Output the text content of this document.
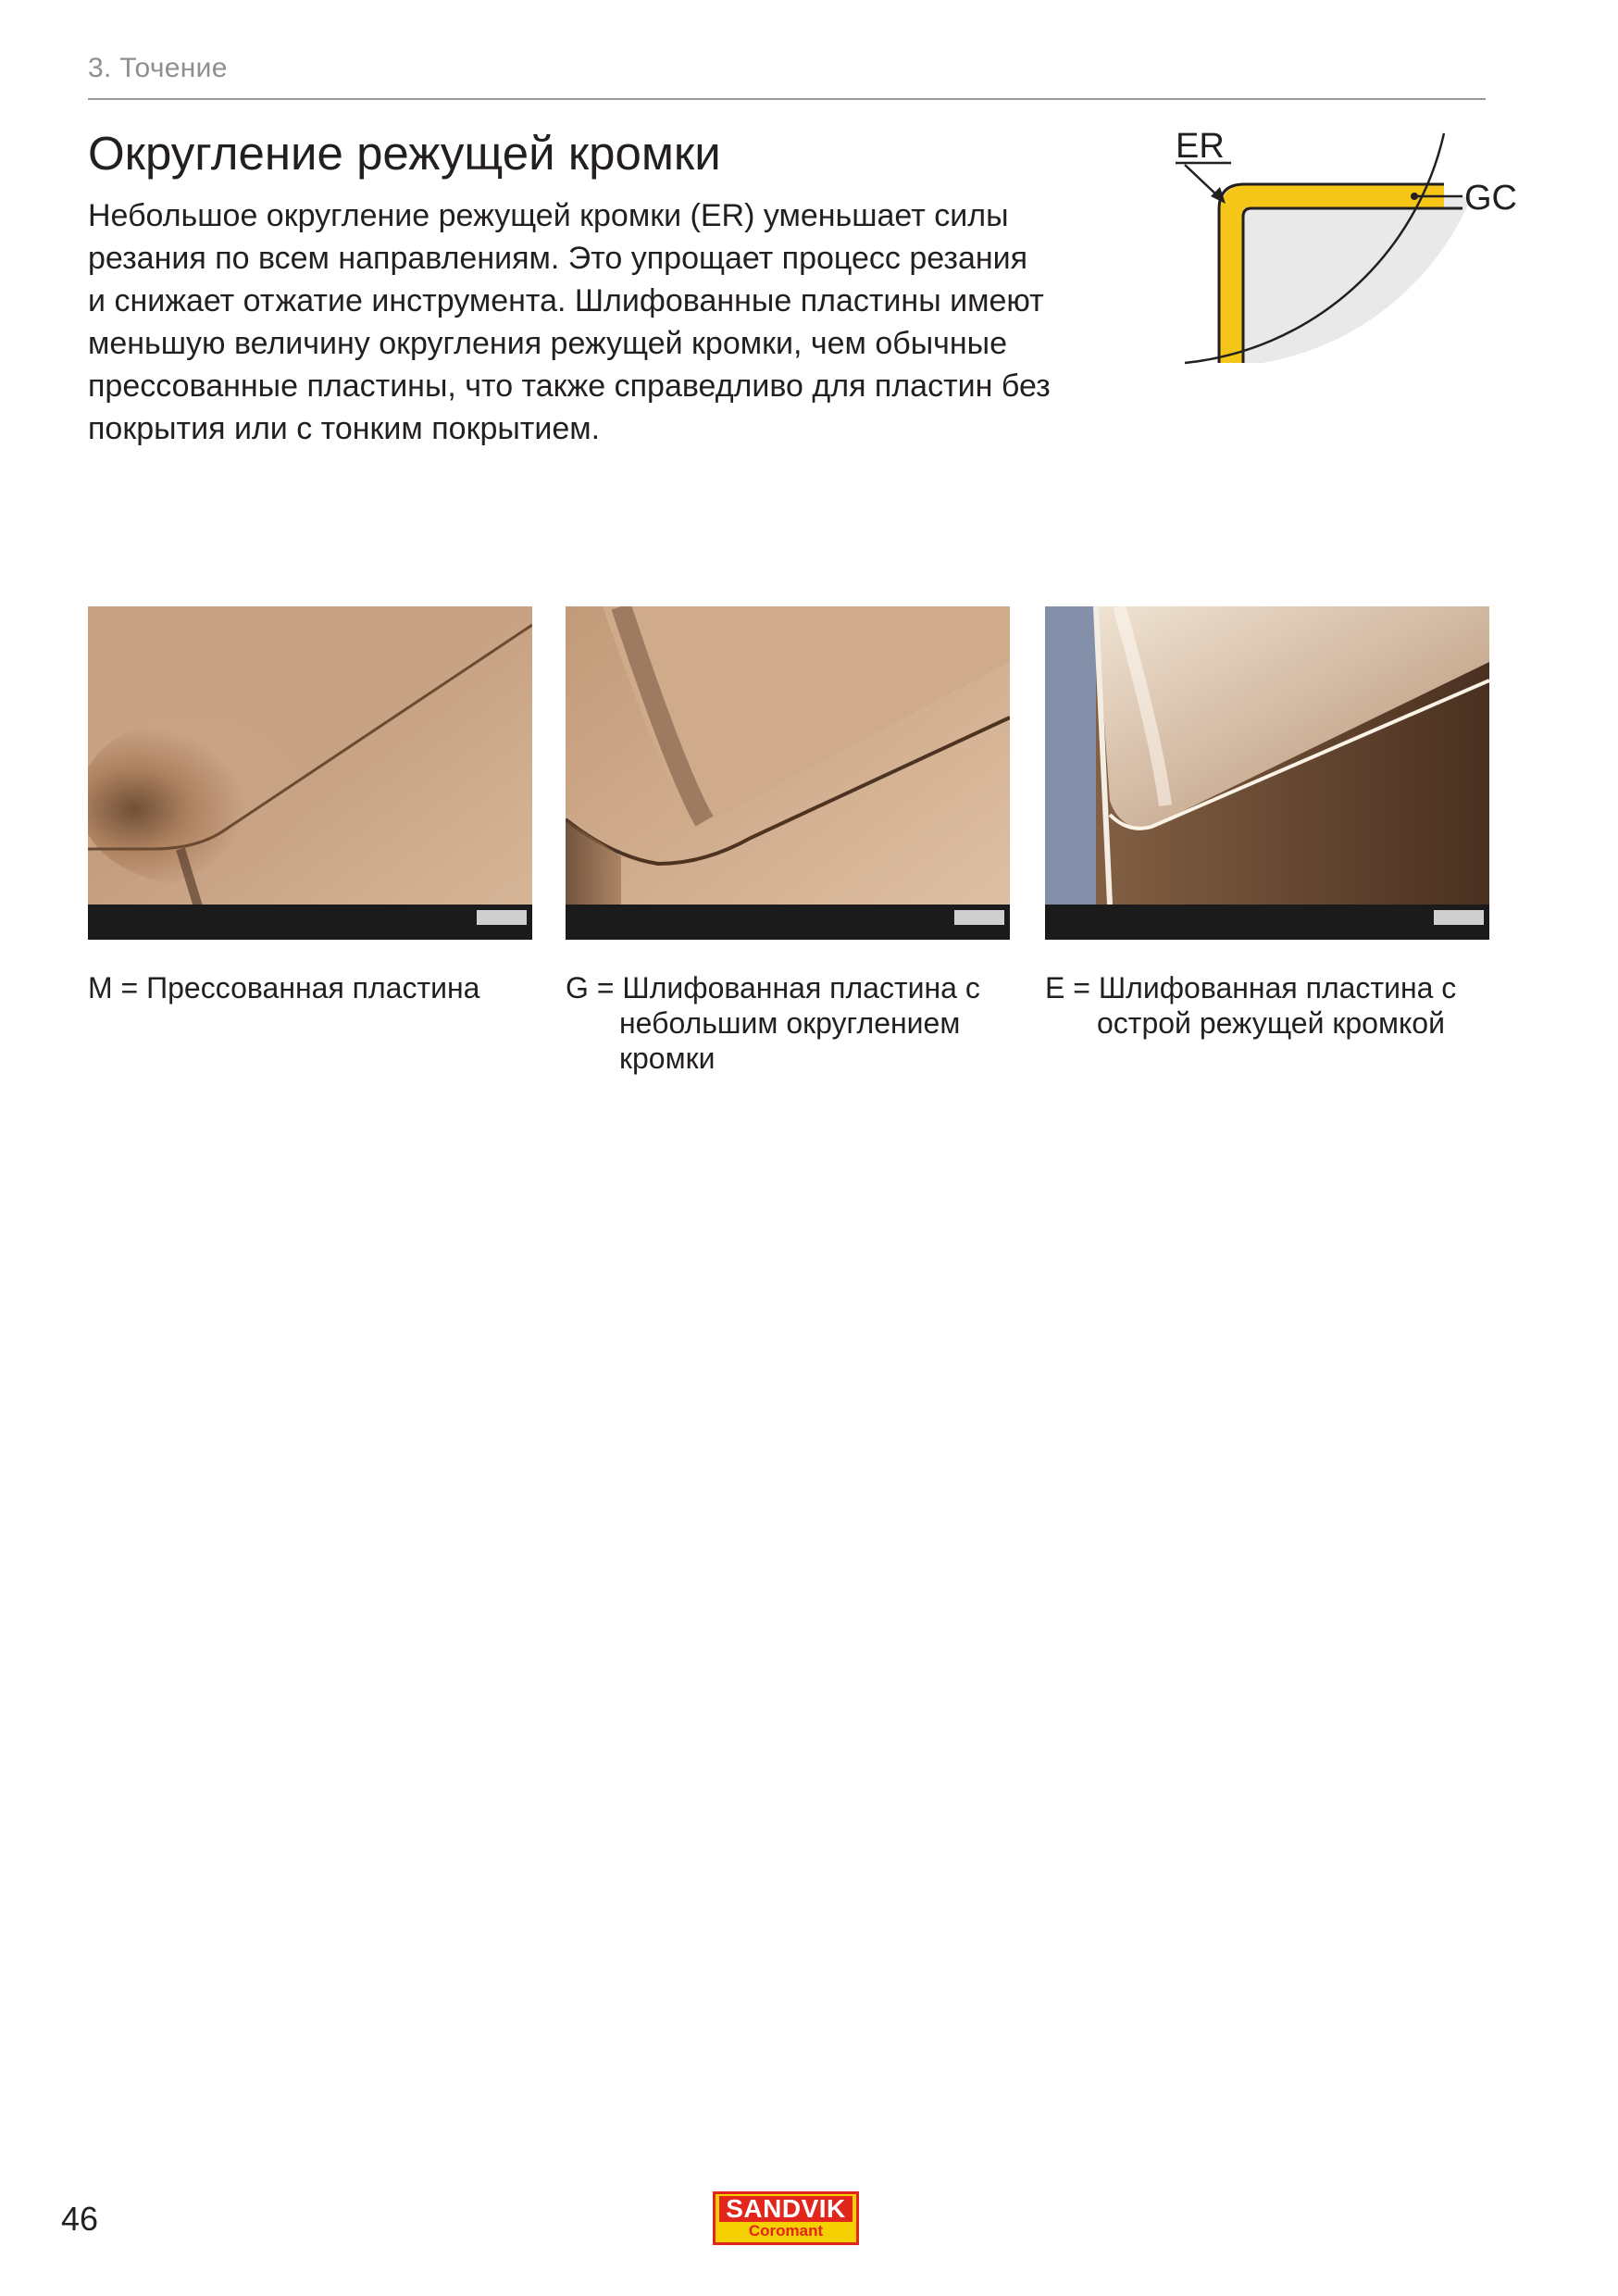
3. Точение
Округление режущей кромки
Небольшое округление режущей кромки (ER) уменьшает силы
резания по всем направлениям. Это упрощает процесс резания
и снижает отжатие инструмента. Шлифованные пластины имеют
меньшую величину округления режущей кромки, чем обычные
прессованные пластины, что также справедливо для пластин без
покрытия или с тонким покрытием.
ER
GC
M = Прессованная пластина	G = Шлифованная пластина с
небольшим округлением
кромки
E = Шлифованная пластина с
острой режущей кромкой
46	SANDVIK
Coromant
